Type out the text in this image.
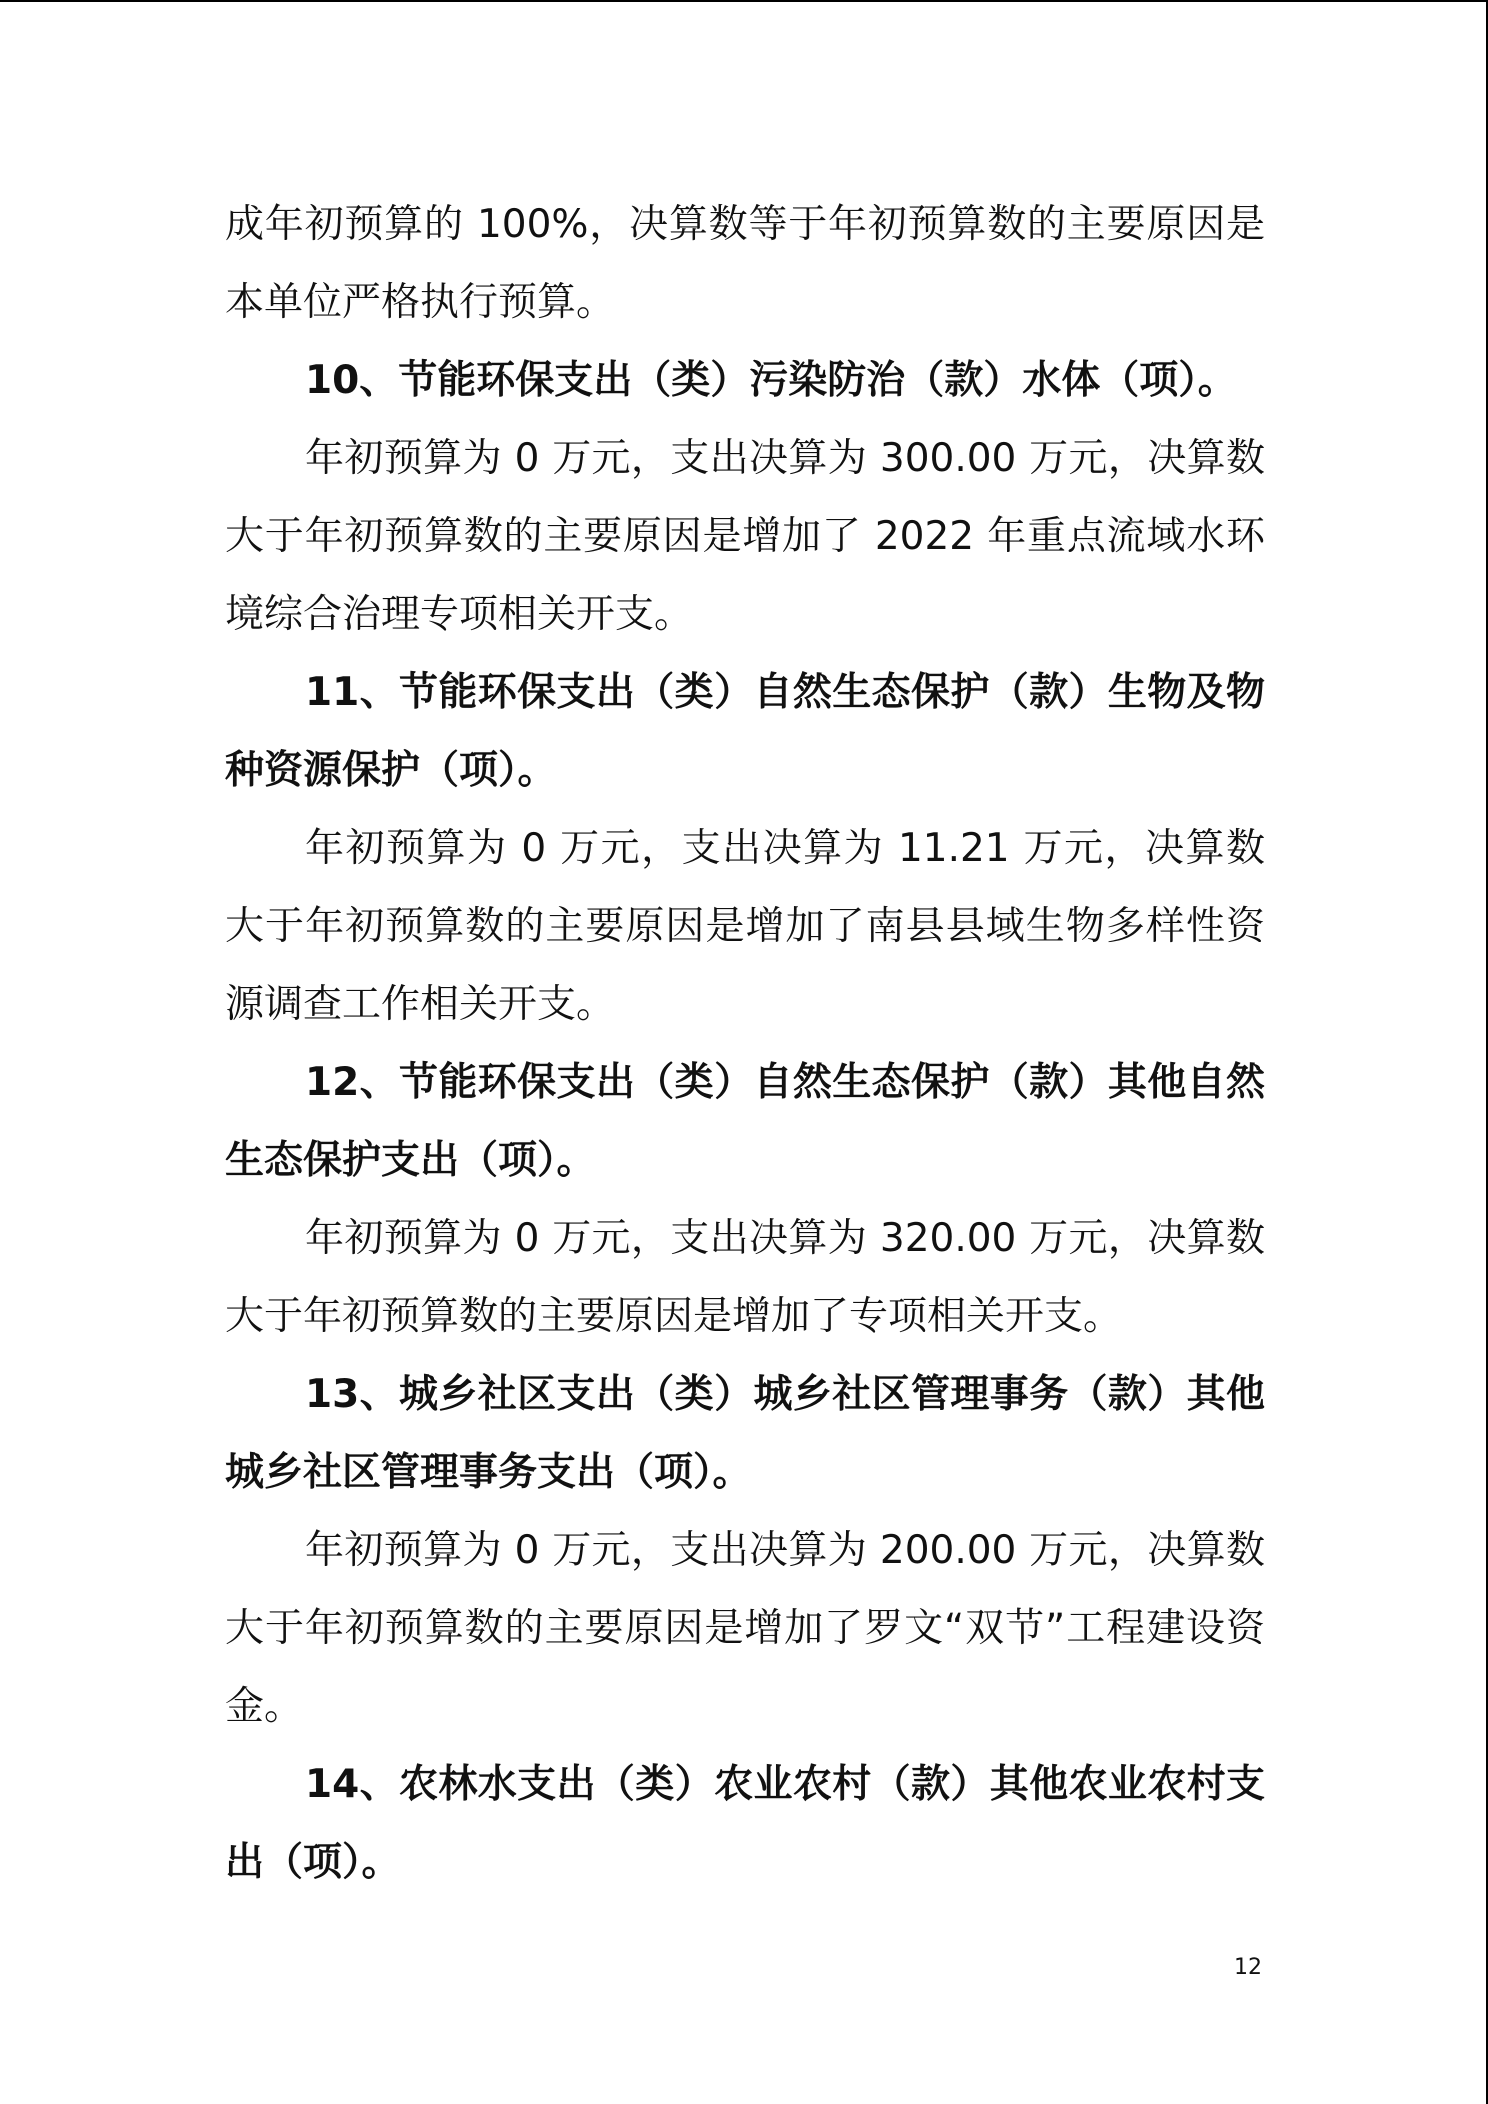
成年初预算的 100%，决算数等于年初预算数的主要原因是本单位严格执行预算。

10、节能环保支出（类）污染防治（款）水体（项）。

年初预算为 0 万元，支出决算为 300.00 万元，决算数大于年初预算数的主要原因是增加了 2022 年重点流域水环境综合治理专项相关开支。

11、节能环保支出（类）自然生态保护（款）生物及物种资源保护（项）。

年初预算为 0 万元，支出决算为 11.21 万元，决算数大于年初预算数的主要原因是增加了南县县域生物多样性资源调查工作相关开支。

12、节能环保支出（类）自然生态保护（款）其他自然生态保护支出（项）。

年初预算为 0 万元，支出决算为 320.00 万元，决算数大于年初预算数的主要原因是增加了专项相关开支。

13、城乡社区支出（类）城乡社区管理事务（款）其他城乡社区管理事务支出（项）。

年初预算为 0 万元，支出决算为 200.00 万元，决算数大于年初预算数的主要原因是增加了罗文“双节”工程建设资金。

14、农林水支出（类）农业农村（款）其他农业农村支出（项）。

12
